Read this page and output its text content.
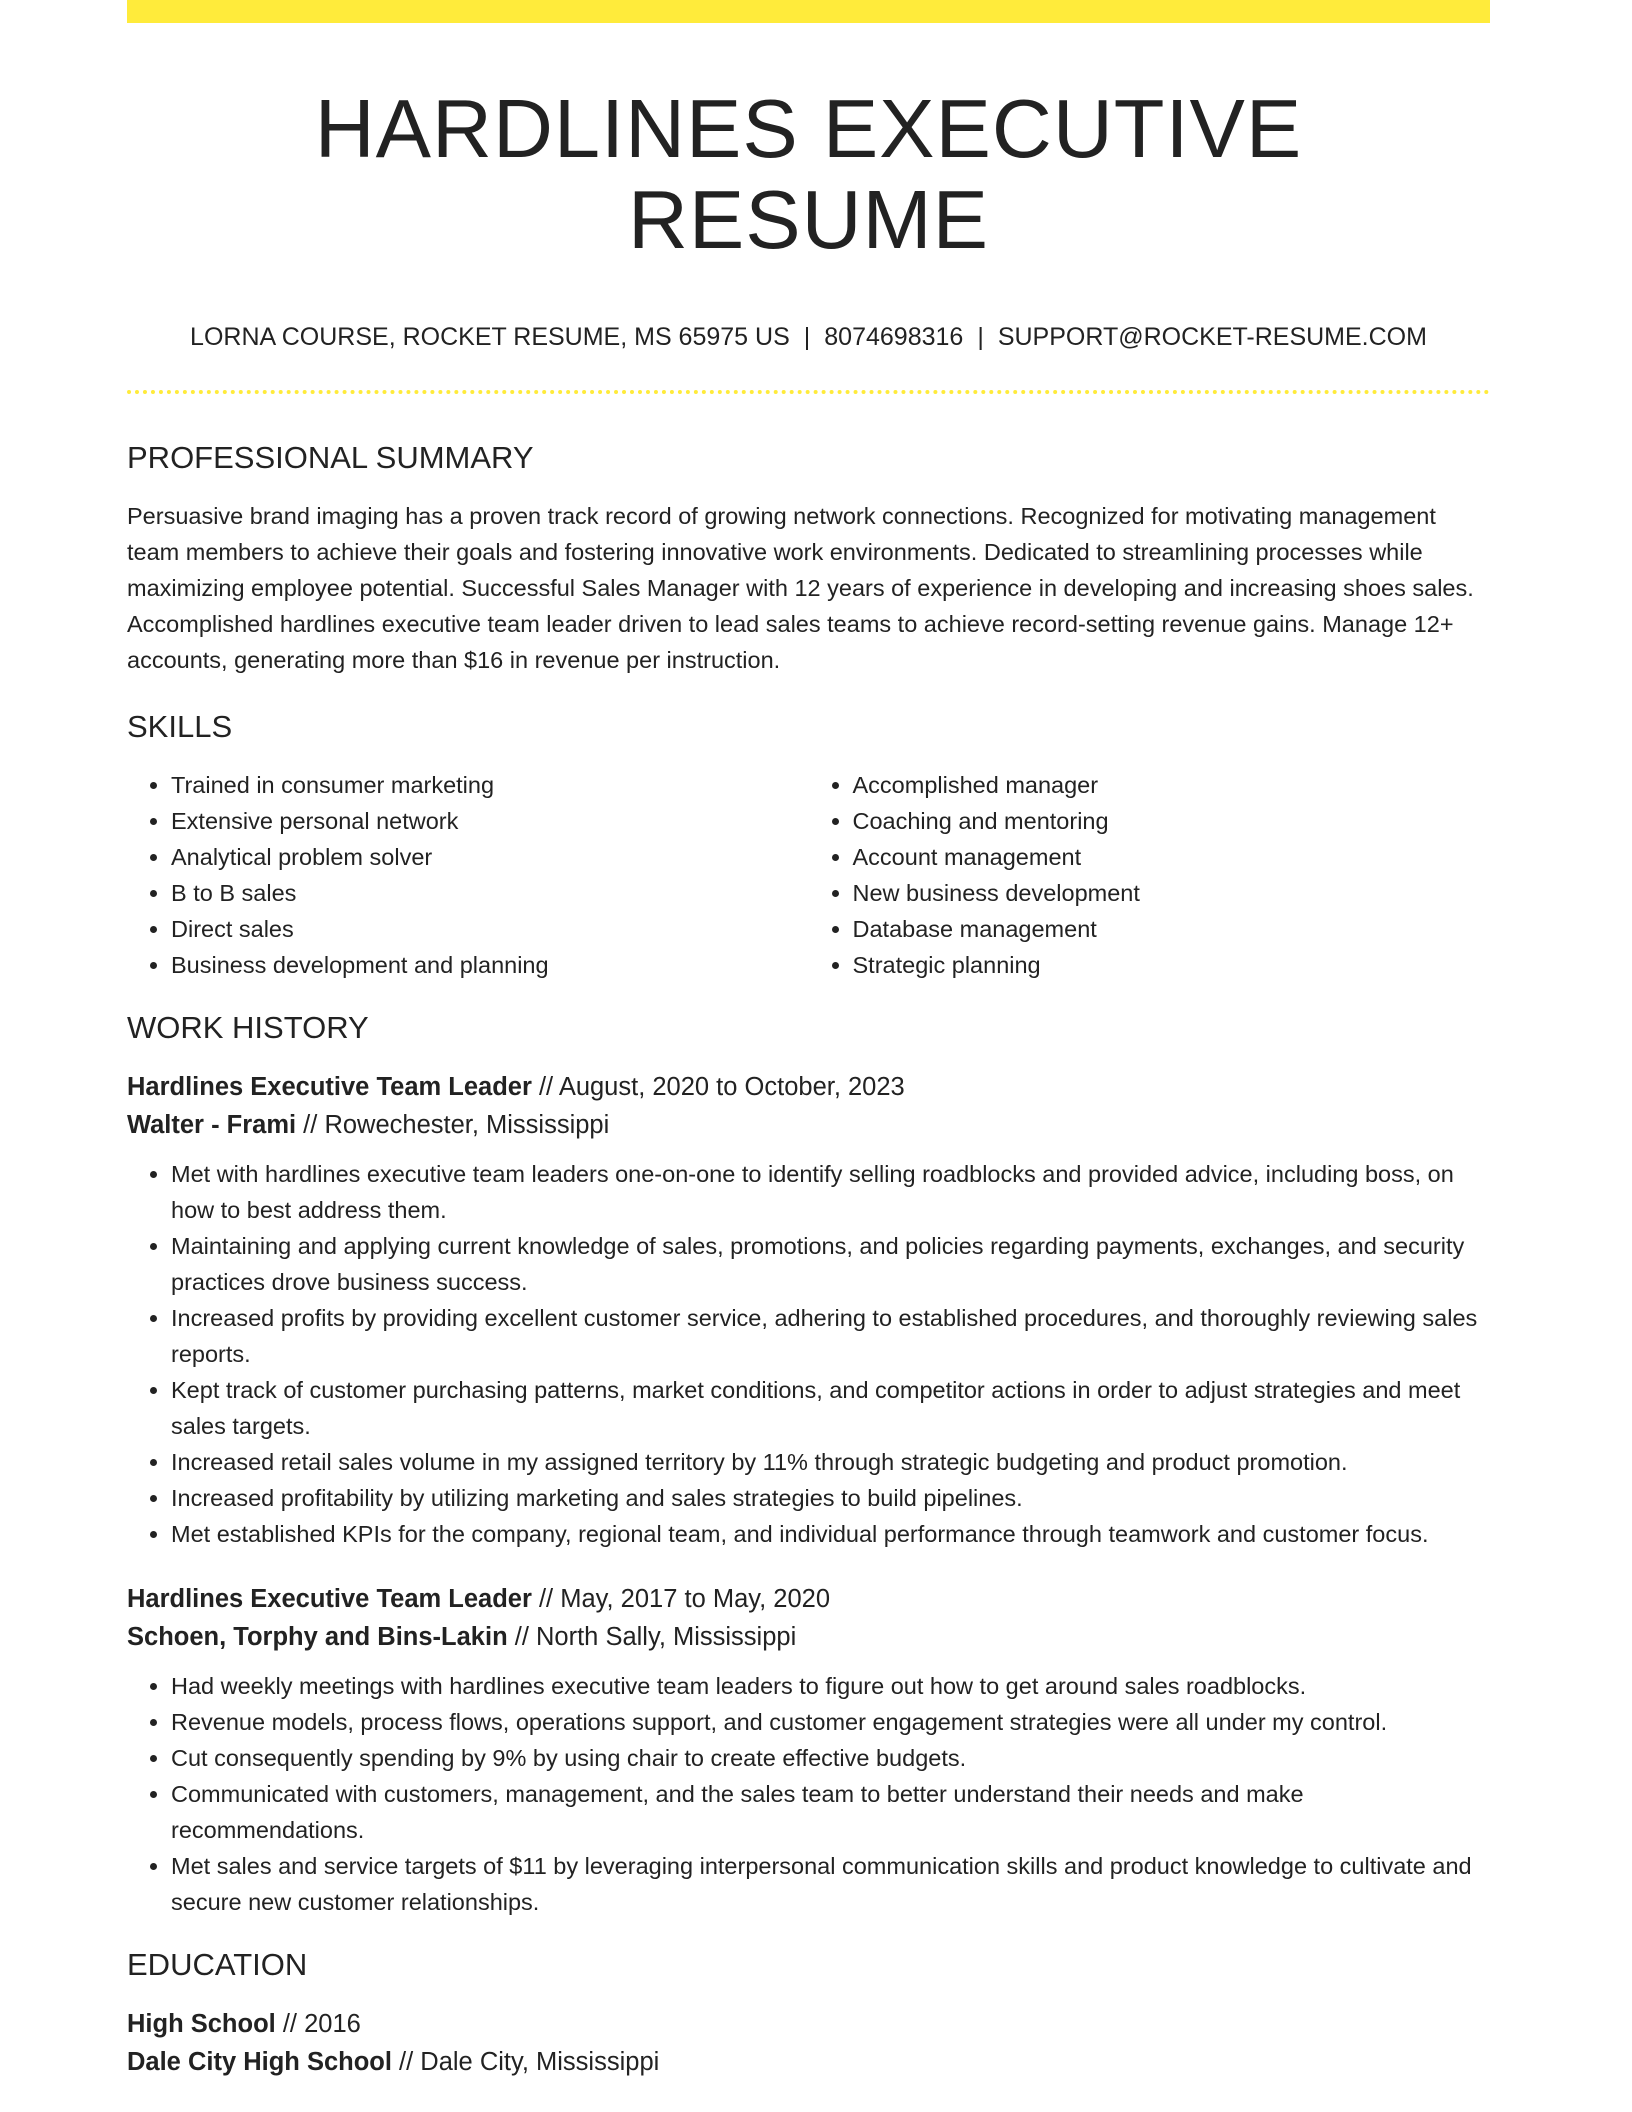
HARDLINES EXECUTIVE RESUME
LORNA COURSE, ROCKET RESUME, MS 65975 US | 8074698316 | SUPPORT@ROCKET-RESUME.COM
PROFESSIONAL SUMMARY
Persuasive brand imaging has a proven track record of growing network connections. Recognized for motivating management team members to achieve their goals and fostering innovative work environments. Dedicated to streamlining processes while maximizing employee potential. Successful Sales Manager with 12 years of experience in developing and increasing shoes sales. Accomplished hardlines executive team leader driven to lead sales teams to achieve record-setting revenue gains. Manage 12+ accounts, generating more than $16 in revenue per instruction.
SKILLS
• Trained in consumer marketing
• Extensive personal network
• Analytical problem solver
• B to B sales
• Direct sales
• Business development and planning
• Accomplished manager
• Coaching and mentoring
• Account management
• New business development
• Database management
• Strategic planning
WORK HISTORY
Hardlines Executive Team Leader // August, 2020 to October, 2023
Walter - Frami // Rowechester, Mississippi
• Met with hardlines executive team leaders one-on-one to identify selling roadblocks and provided advice, including boss, on how to best address them.
• Maintaining and applying current knowledge of sales, promotions, and policies regarding payments, exchanges, and security practices drove business success.
• Increased profits by providing excellent customer service, adhering to established procedures, and thoroughly reviewing sales reports.
• Kept track of customer purchasing patterns, market conditions, and competitor actions in order to adjust strategies and meet sales targets.
• Increased retail sales volume in my assigned territory by 11% through strategic budgeting and product promotion.
• Increased profitability by utilizing marketing and sales strategies to build pipelines.
• Met established KPIs for the company, regional team, and individual performance through teamwork and customer focus.
Hardlines Executive Team Leader // May, 2017 to May, 2020
Schoen, Torphy and Bins-Lakin // North Sally, Mississippi
• Had weekly meetings with hardlines executive team leaders to figure out how to get around sales roadblocks.
• Revenue models, process flows, operations support, and customer engagement strategies were all under my control.
• Cut consequently spending by 9% by using chair to create effective budgets.
• Communicated with customers, management, and the sales team to better understand their needs and make recommendations.
• Met sales and service targets of $11 by leveraging interpersonal communication skills and product knowledge to cultivate and secure new customer relationships.
EDUCATION
High School // 2016
Dale City High School // Dale City, Mississippi
